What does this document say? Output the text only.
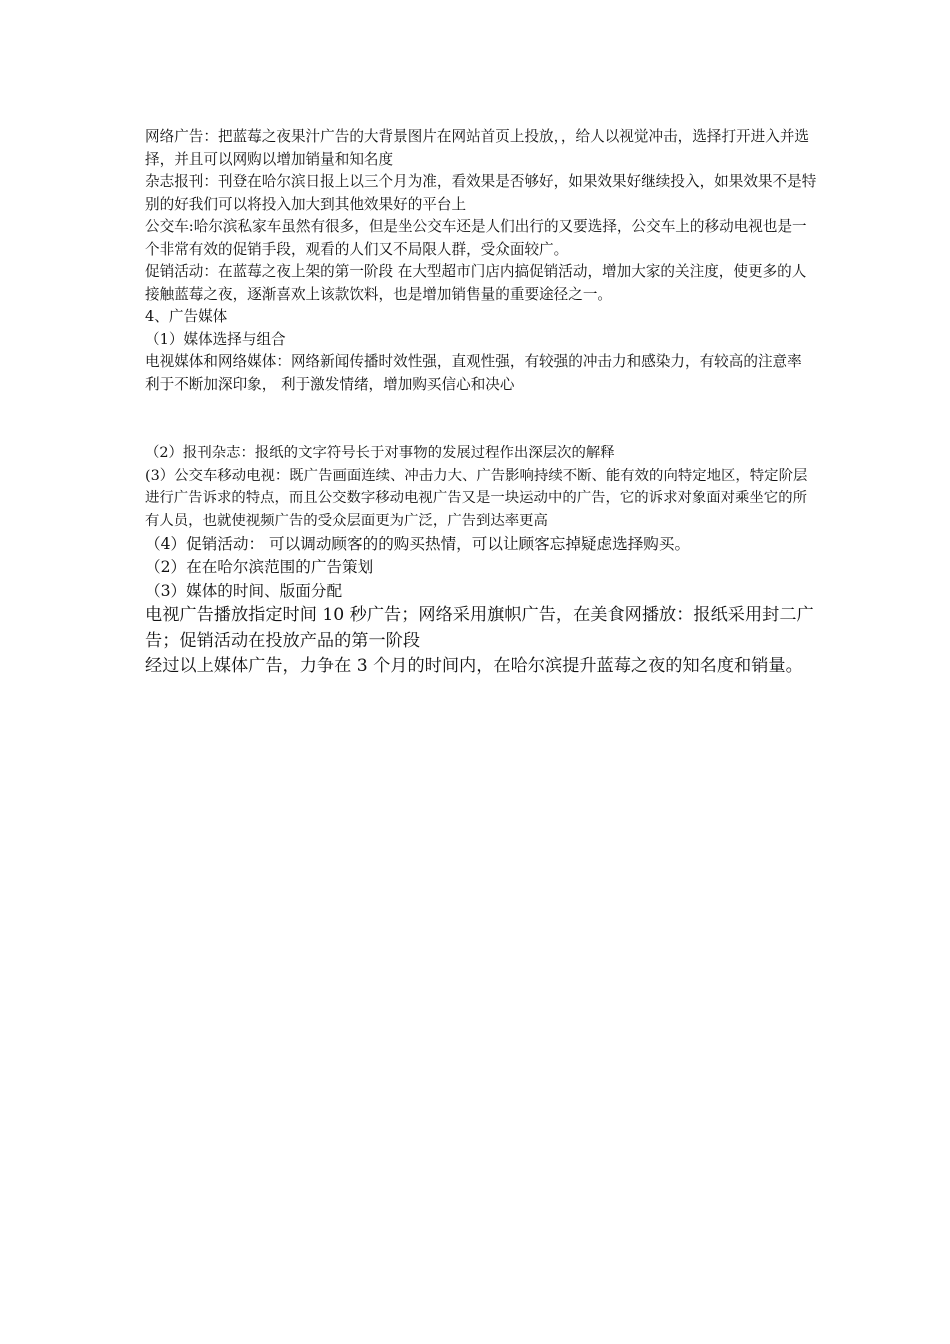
网络广告：把蓝莓之夜果汁广告的大背景图片在网站首页上投放，，给人以视觉冲击，选择打开进入并选择，并且可以网购以增加销量和知名度

杂志报刊：刊登在哈尔滨日报上以三个月为准，看效果是否够好，如果效果好继续投入，如果效果不是特别的好我们可以将投入加大到其他效果好的平台上

公交车:哈尔滨私家车虽然有很多，但是坐公交车还是人们出行的又要选择，公交车上的移动电视也是一个非常有效的促销手段，观看的人们又不局限人群，受众面较广。

促销活动：在蓝莓之夜上架的第一阶段 在大型超市门店内搞促销活动，增加大家的关注度，使更多的人接触蓝莓之夜，逐渐喜欢上该款饮料，也是增加销售量的重要途径之一。

4、广告媒体

（1）媒体选择与组合

电视媒体和网络媒体：网络新闻传播时效性强，直观性强，有较强的冲击力和感染力，有较高的注意率 利于不断加深印象， 利于激发情绪，增加购买信心和决心

（2）报刊杂志：报纸的文字符号长于对事物的发展过程作出深层次的解释

(3）公交车移动电视：既广告画面连续、冲击力大、广告影响持续不断、能有效的向特定地区，特定阶层进行广告诉求的特点，而且公交数字移动电视广告又是一块运动中的广告，它的诉求对象面对乘坐它的所有人员，也就使视频广告的受众层面更为广泛，广告到达率更高

（4）促销活动： 可以调动顾客的的购买热情，可以让顾客忘掉疑虑选择购买。

（2）在在哈尔滨范围的广告策划

（3）媒体的时间、版面分配

电视广告播放指定时间 10 秒广告；网络采用旗帜广告，在美食网播放：报纸采用封二广告；促销活动在投放产品的第一阶段

经过以上媒体广告，力争在 3 个月的时间内，在哈尔滨提升蓝莓之夜的知名度和销量。
